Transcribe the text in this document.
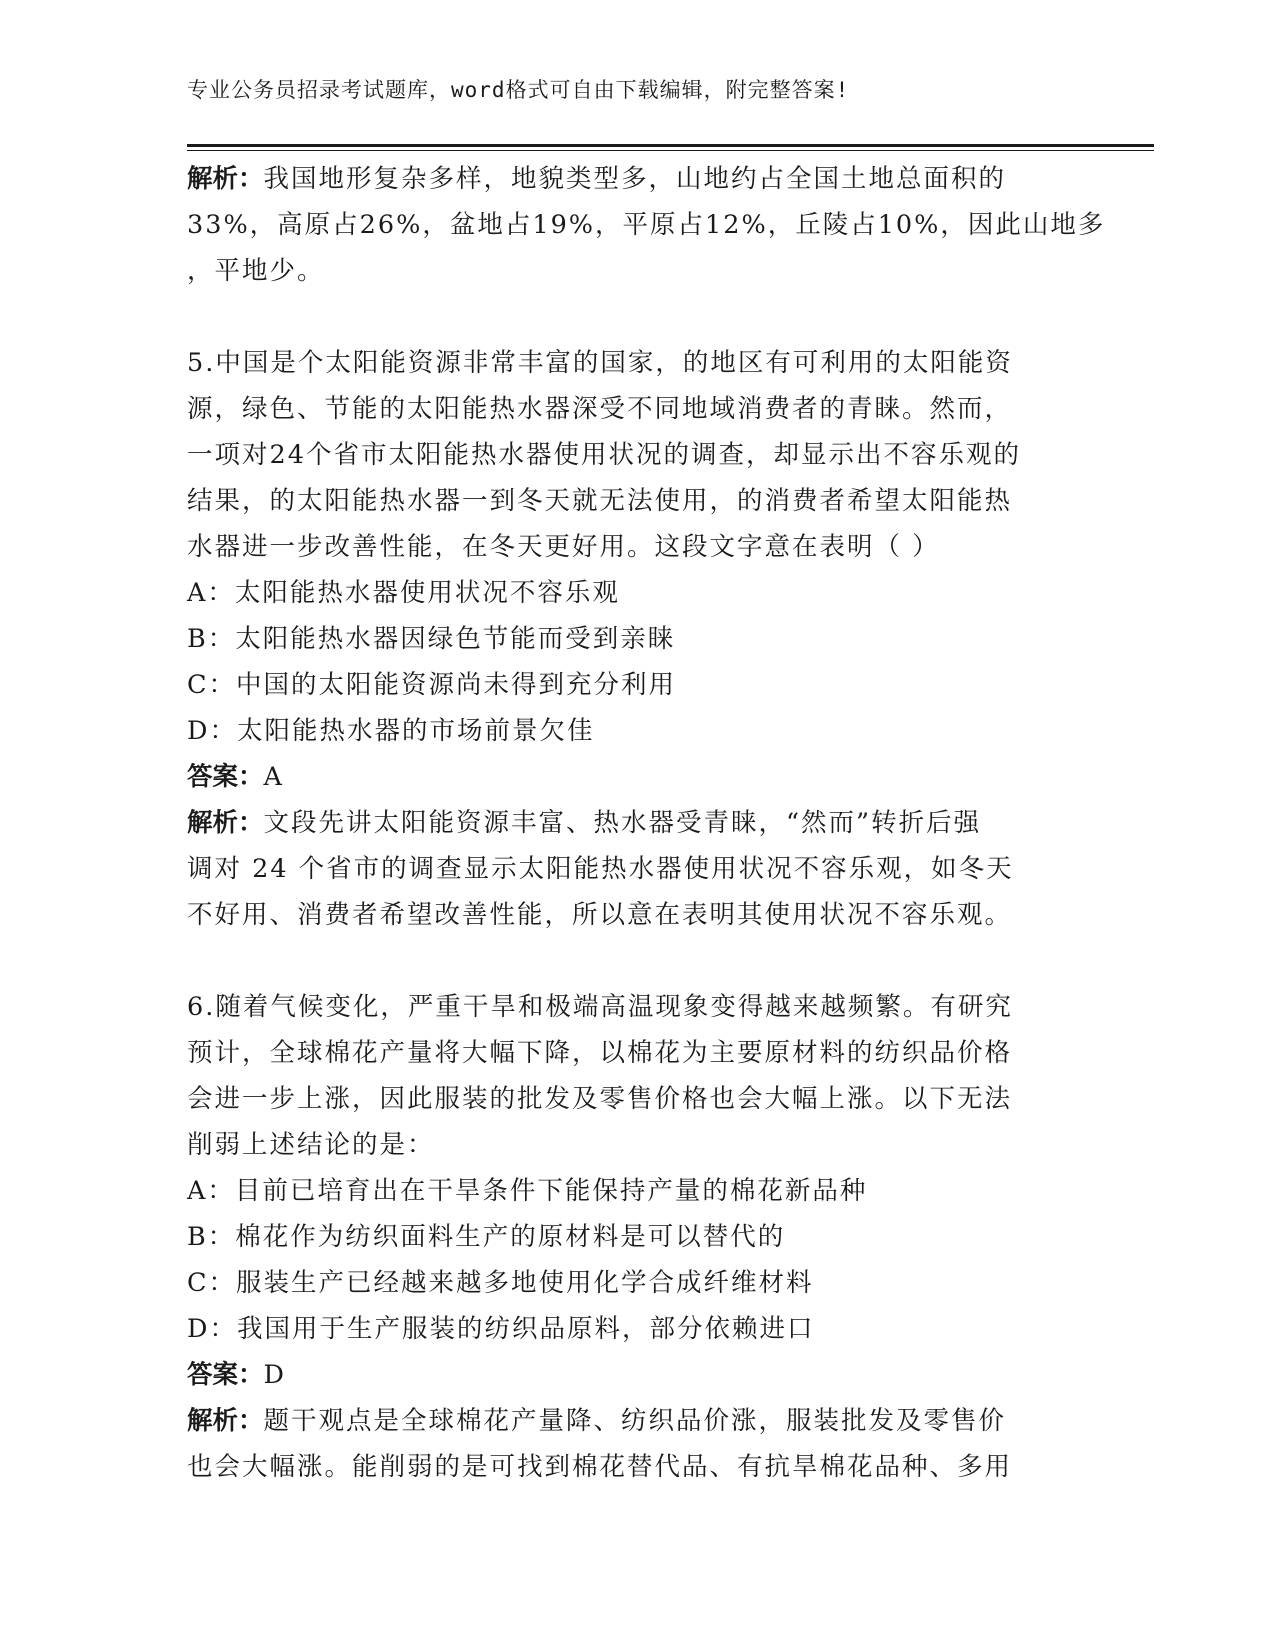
专业公务员招录考试题库，word格式可自由下载编辑，附完整答案!
解析：我国地形复杂多样，地貌类型多，山地约占全国土地总面积的
33%，高原占26%，盆地占19%，平原占12%，丘陵占10%，因此山地多
，平地少。
5.中国是个太阳能资源非常丰富的国家，的地区有可利用的太阳能资
源，绿色、节能的太阳能热水器深受不同地域消费者的青睐。然而，
一项对24个省市太阳能热水器使用状况的调查，却显示出不容乐观的
结果，的太阳能热水器一到冬天就无法使用，的消费者希望太阳能热
水器进一步改善性能，在冬天更好用。这段文字意在表明（ ）
A：太阳能热水器使用状况不容乐观
B：太阳能热水器因绿色节能而受到亲睐
C：中国的太阳能资源尚未得到充分利用
D：太阳能热水器的市场前景欠佳
答案：A
解析：文段先讲太阳能资源丰富、热水器受青睐，“然而”转折后强
调对 24 个省市的调查显示太阳能热水器使用状况不容乐观，如冬天
不好用、消费者希望改善性能，所以意在表明其使用状况不容乐观。
6.随着气候变化，严重干旱和极端高温现象变得越来越频繁。有研究
预计，全球棉花产量将大幅下降，以棉花为主要原材料的纺织品价格
会进一步上涨，因此服装的批发及零售价格也会大幅上涨。以下无法
削弱上述结论的是：
A：目前已培育出在干旱条件下能保持产量的棉花新品种
B：棉花作为纺织面料生产的原材料是可以替代的
C：服装生产已经越来越多地使用化学合成纤维材料
D：我国用于生产服装的纺织品原料，部分依赖进口
答案：D
解析：题干观点是全球棉花产量降、纺织品价涨，服装批发及零售价
也会大幅涨。能削弱的是可找到棉花替代品、有抗旱棉花品种、多用
